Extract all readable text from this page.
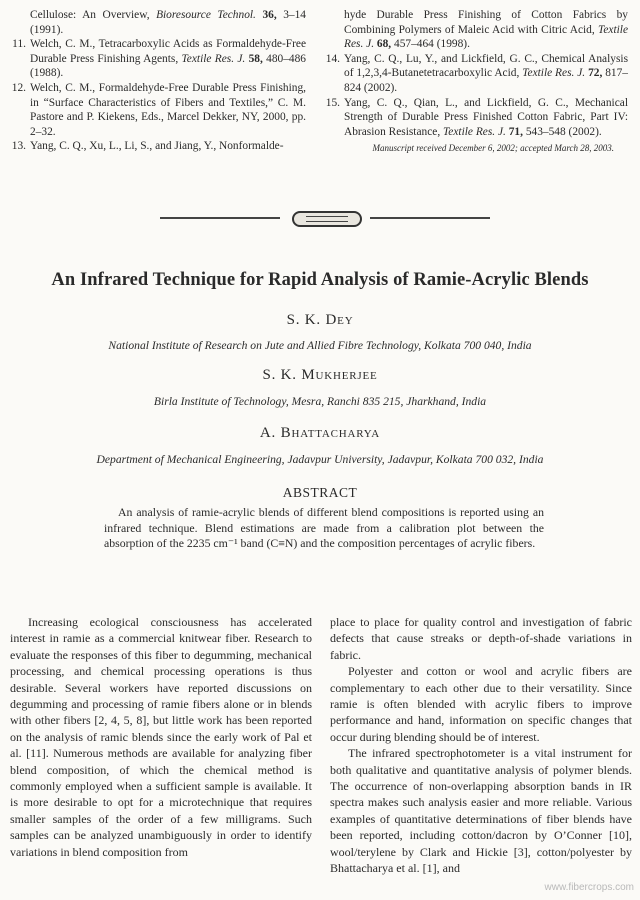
Cellulose: An Overview, Bioresource Technol. 36, 3–14 (1991).
11. Welch, C. M., Tetracarboxylic Acids as Formaldehyde-Free Durable Press Finishing Agents, Textile Res. J. 58, 480–486 (1988).
12. Welch, C. M., Formaldehyde-Free Durable Press Finishing, in “Surface Characteristics of Fibers and Textiles,” C. M. Pastore and P. Kiekens, Eds., Marcel Dekker, NY, 2000, pp. 2–32.
13. Yang, C. Q., Xu, L., Li, S., and Jiang, Y., Nonformalde-
hyde Durable Press Finishing of Cotton Fabrics by Combining Polymers of Maleic Acid with Citric Acid, Textile Res. J. 68, 457–464 (1998).
14. Yang, C. Q., Lu, Y., and Lickfield, G. C., Chemical Analysis of 1,2,3,4-Butanetetracarboxylic Acid, Textile Res. J. 72, 817–824 (2002).
15. Yang, C. Q., Qian, L., and Lickfield, G. C., Mechanical Strength of Durable Press Finished Cotton Fabric, Part IV: Abrasion Resistance, Textile Res. J. 71, 543–548 (2002).
Manuscript received December 6, 2002; accepted March 28, 2003.
An Infrared Technique for Rapid Analysis of Ramie-Acrylic Blends
S. K. Dey
National Institute of Research on Jute and Allied Fibre Technology, Kolkata 700 040, India
S. K. Mukherjee
Birla Institute of Technology, Mesra, Ranchi 835 215, Jharkhand, India
A. Bhattacharya
Department of Mechanical Engineering, Jadavpur University, Jadavpur, Kolkata 700 032, India
ABSTRACT
An analysis of ramie-acrylic blends of different blend compositions is reported using an infrared technique. Blend estimations are made from a calibration plot between the absorption of the 2235 cm⁻¹ band (C≡N) and the composition percentages of acrylic fibers.

Increasing ecological consciousness has accelerated interest in ramie as a commercial knitwear fiber. Research to evaluate the responses of this fiber to degumming, mechanical processing, and chemical processing operations is thus desirable. Several workers have reported discussions on degumming and processing of ramie fibers alone or in blends with other fibers [2, 4, 5, 8], but little work has been reported on the analysis of ramic blends since the early work of Pal et al. [11]. Numerous methods are available for analyzing fiber blend composition, of which the chemical method is commonly employed when a sufficient sample is available. It is more desirable to opt for a microtechnique that requires smaller samples of the order of a few milligrams. Such samples can be analyzed unambiguously in order to identify variations in blend composition from

place to place for quality control and investigation of fabric defects that cause streaks or depth-of-shade variations in fabric.

Polyester and cotton or wool and acrylic fibers are complementary to each other due to their versatility. Since ramie is often blended with acrylic fibers to improve performance and hand, information on specific changes that occur during blending should be of interest.

The infrared spectrophotometer is a vital instrument for both qualitative and quantitative analysis of polymer blends. The occurrence of non-overlapping absorption bands in IR spectra makes such analysis easier and more reliable. Various examples of quantitative determinations of fiber blends have been reported, including cotton/dacron by O’Conner [10], wool/terylene by Clark and Hickie [3], cotton/polyester by Bhattacharya et al. [1], and

www.fibercrops.com
